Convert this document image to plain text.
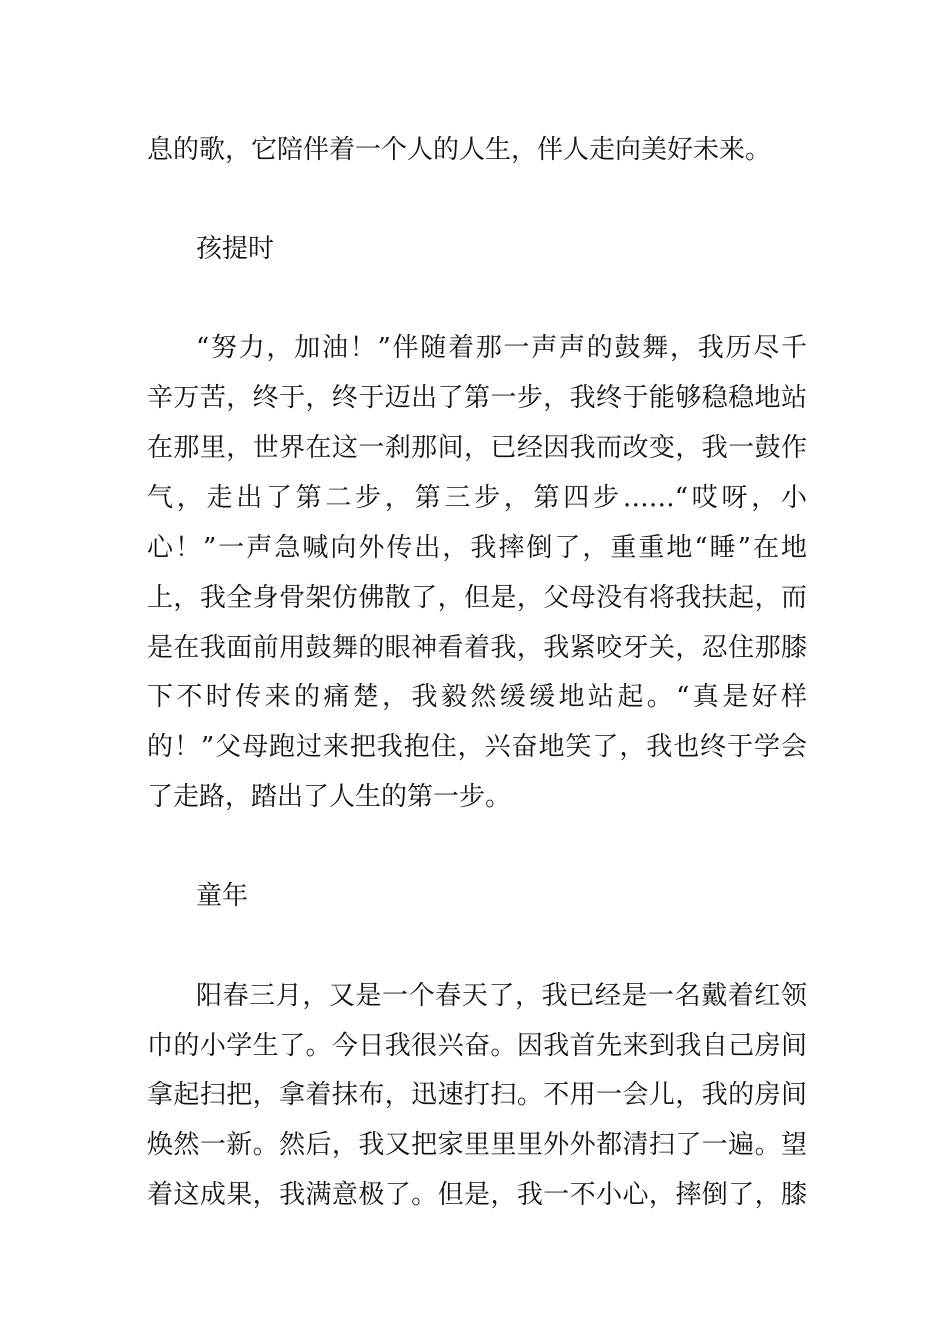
息的歌，它陪伴着一个人的人生，伴人走向美好未来。

孩提时

“努力，加油！”伴随着那一声声的鼓舞，我历尽千

辛万苦，终于，终于迈出了第一步，我终于能够稳稳地站

在那里，世界在这一刹那间，已经因我而改变，我一鼓作

气，走出了第二步，第三步，第四步……“哎呀，小

心！”一声急喊向外传出，我摔倒了，重重地“睡”在地

上，我全身骨架仿佛散了，但是，父母没有将我扶起，而

是在我面前用鼓舞的眼神看着我，我紧咬牙关，忍住那膝

下不时传来的痛楚，我毅然缓缓地站起。“真是好样

的！”父母跑过来把我抱住，兴奋地笑了，我也终于学会

了走路，踏出了人生的第一步。

童年

阳春三月，又是一个春天了，我已经是一名戴着红领

巾的小学生了。今日我很兴奋。因我首先来到我自己房间

拿起扫把，拿着抹布，迅速打扫。不用一会儿，我的房间

焕然一新。然后，我又把家里里里外外都清扫了一遍。望

着这成果，我满意极了。但是，我一不小心，摔倒了，膝
